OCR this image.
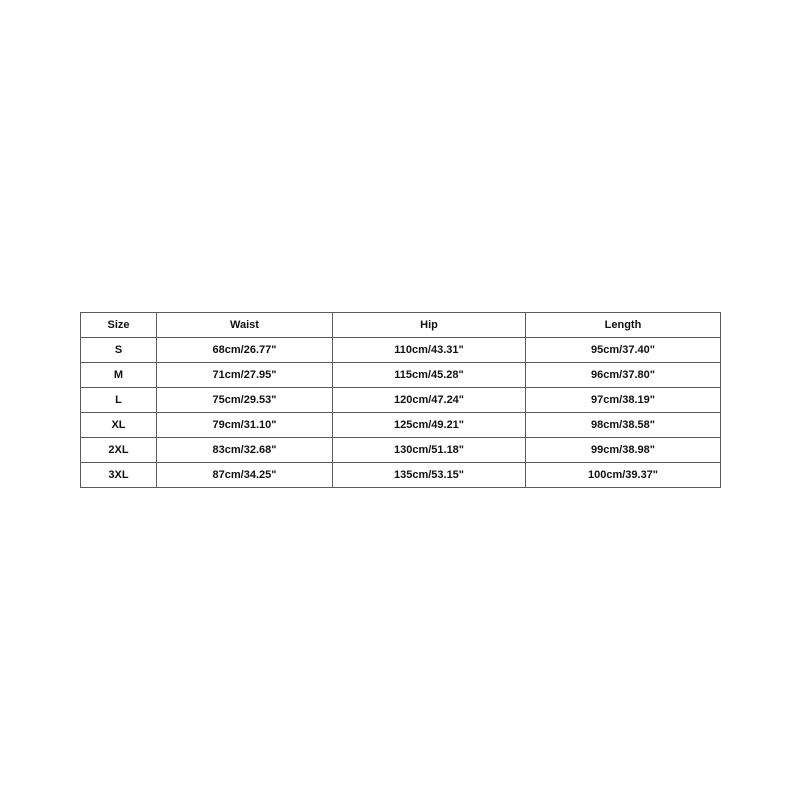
Size	Waist	Hip	Length
S	68cm/26.77"	110cm/43.31"	95cm/37.40"
M	71cm/27.95"	115cm/45.28"	96cm/37.80"
L	75cm/29.53"	120cm/47.24"	97cm/38.19"
XL	79cm/31.10"	125cm/49.21"	98cm/38.58"
2XL	83cm/32.68"	130cm/51.18"	99cm/38.98"
3XL	87cm/34.25"	135cm/53.15"	100cm/39.37"
